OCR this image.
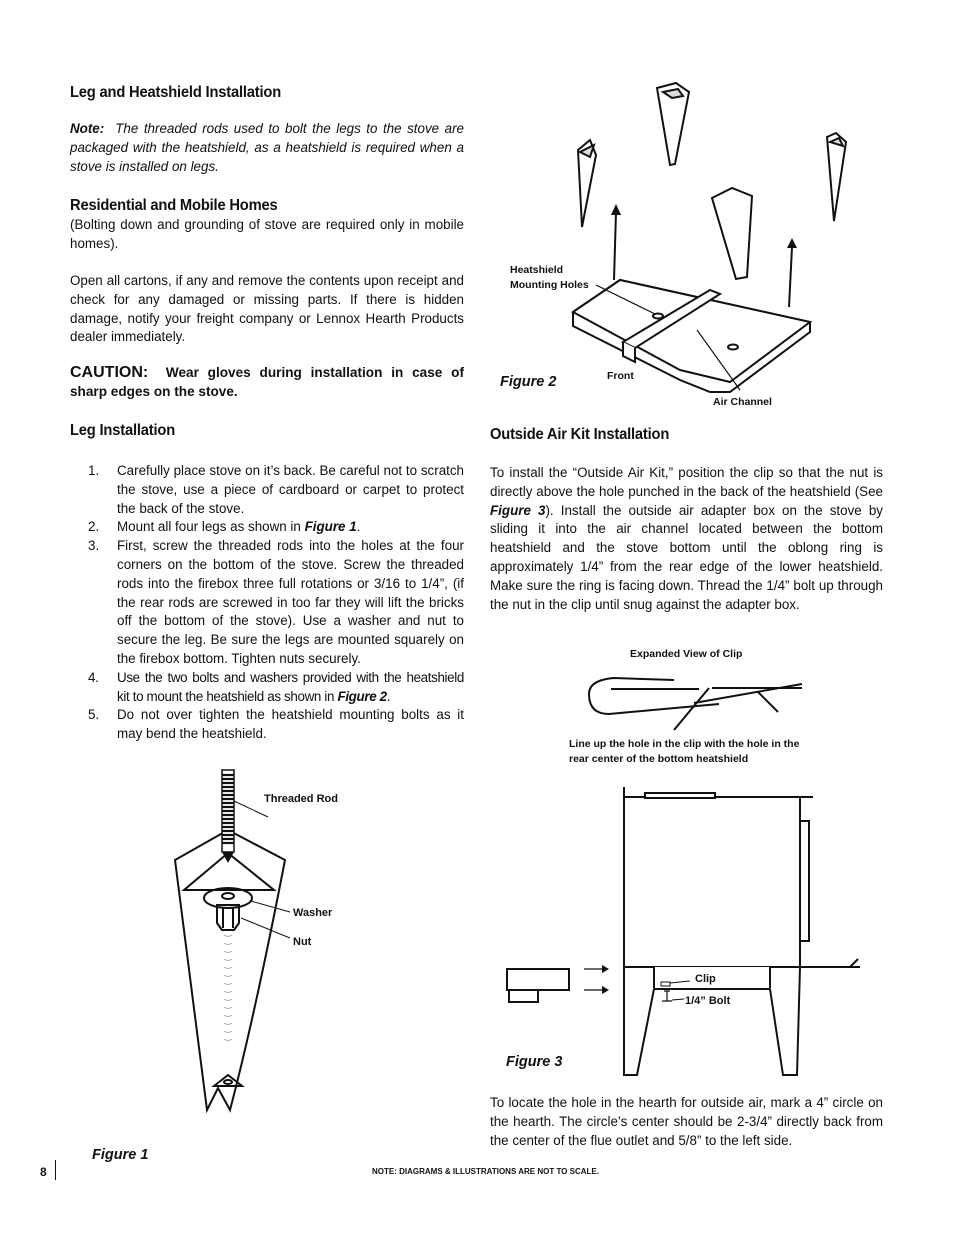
Leg and Heatshield Installation
Note: The threaded rods used to bolt the legs to the stove are packaged with the heatshield, as a heatshield is required when a stove is installed on legs.
Residential and Mobile Homes
(Bolting down and grounding of stove are required only in mobile homes).
Open all cartons, if any and remove the contents upon receipt and check for any damaged or missing parts. If there is hidden damage, notify your freight company or Lennox Hearth Products dealer immediately.
CAUTION: Wear gloves during installation in case of sharp edges on the stove.
Leg Installation
1. Carefully place stove on it’s back. Be careful not to scratch the stove, use a piece of cardboard or carpet to protect the back of the stove.
2. Mount all four legs as shown in Figure 1.
3. First, screw the threaded rods into the holes at the four corners on the bottom of the stove. Screw the threaded rods into the firebox three full rotations or 3/16 to 1/4”, (if the rear rods are screwed in too far they will lift the bricks off the bottom of the stove). Use a washer and nut to secure the leg. Be sure the legs are mounted squarely on the firebox bottom. Tighten nuts securely.
4. Use the two bolts and washers provided with the heatshield kit to mount the heatshield as shown in Figure 2.
5. Do not over tighten the heatshield mounting bolts as it may bend the heatshield.
Threaded Rod
Washer
Nut
Figure 1
8	NOTE: DIAGRAMS & ILLUSTRATIONS ARE NOT TO SCALE.
Heatshield
Mounting Holes
Front
Air Channel
Figure 2
Outside Air Kit Installation
To install the “Outside Air Kit,” position the clip so that the nut is directly above the hole punched in the back of the heatshield (See Figure 3). Install the outside air adapter box on the stove by sliding it into the air channel located between the bottom heatshield and the stove bottom until the oblong ring is approximately 1/4” from the rear edge of the lower heatshield. Make sure the ring is facing down. Thread the 1/4” bolt up through the nut in the clip until snug against the adapter box.
Expanded View of Clip
Line up the hole in the clip with the hole in the
rear center of the bottom heatshield
Clip
1/4” Bolt
Figure 3
To locate the hole in the hearth for outside air, mark a 4” circle on the hearth. The circle’s center should be 2-3/4” directly back from the center of the flue outlet and 5/8” to the left side.
